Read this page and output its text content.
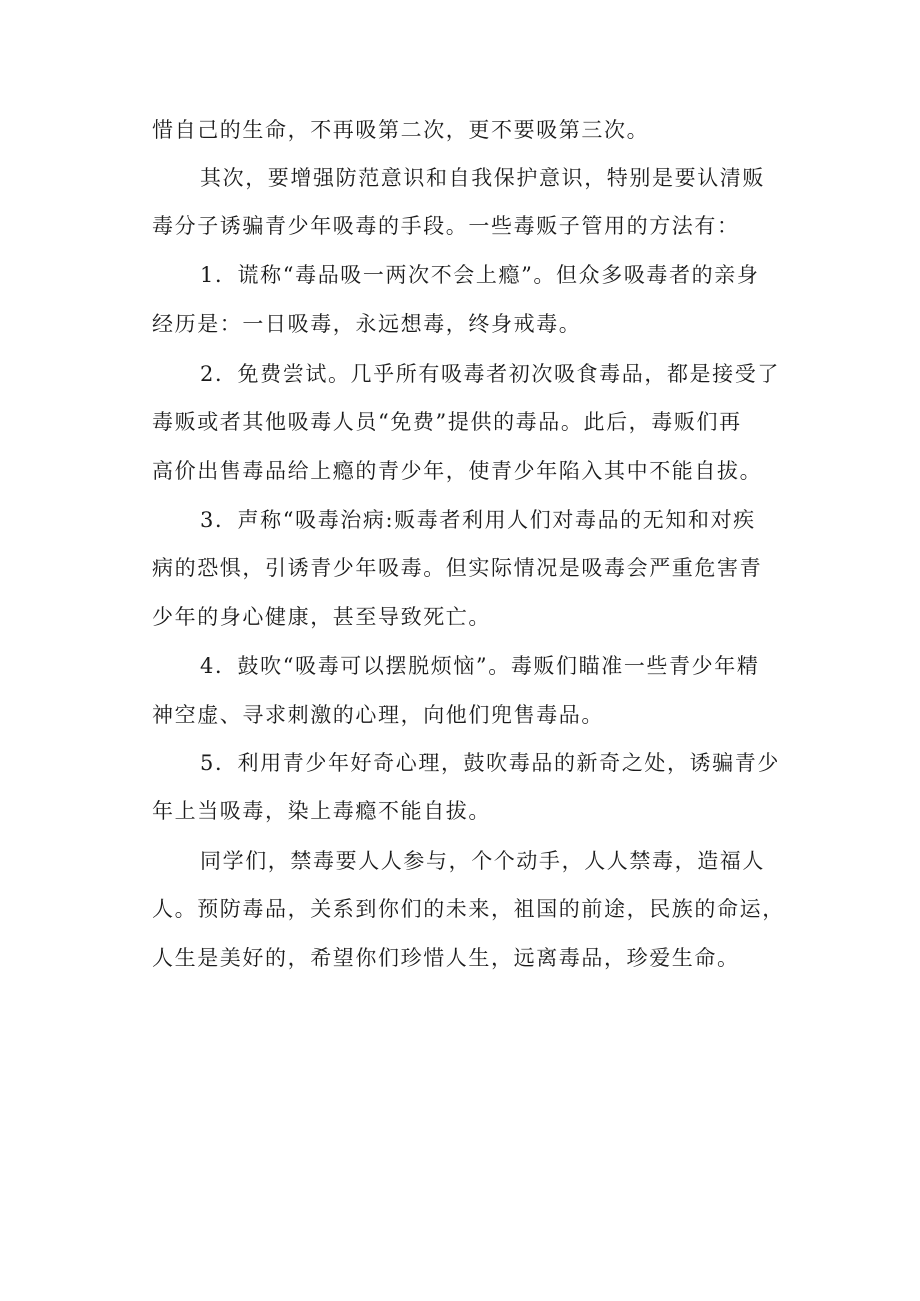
惜自己的生命，不再吸第二次，更不要吸第三次。
其次，要增强防范意识和自我保护意识，特别是要认清贩
毒分子诱骗青少年吸毒的手段。一些毒贩子管用的方法有：
1．谎称“毒品吸一两次不会上瘾”。但众多吸毒者的亲身
经历是：一日吸毒，永远想毒，终身戒毒。
2．免费尝试。几乎所有吸毒者初次吸食毒品，都是接受了
毒贩或者其他吸毒人员“免费”提供的毒品。此后，毒贩们再
高价出售毒品给上瘾的青少年，使青少年陷入其中不能自拔。
3．声称“吸毒治病:贩毒者利用人们对毒品的无知和对疾
病的恐惧，引诱青少年吸毒。但实际情况是吸毒会严重危害青
少年的身心健康，甚至导致死亡。
4．鼓吹“吸毒可以摆脱烦恼”。毒贩们瞄准一些青少年精
神空虚、寻求刺激的心理，向他们兜售毒品。
5．利用青少年好奇心理，鼓吹毒品的新奇之处，诱骗青少
年上当吸毒，染上毒瘾不能自拔。
同学们，禁毒要人人参与，个个动手，人人禁毒，造福人
人。预防毒品，关系到你们的未来，祖国的前途，民族的命运，
人生是美好的，希望你们珍惜人生，远离毒品，珍爱生命。
